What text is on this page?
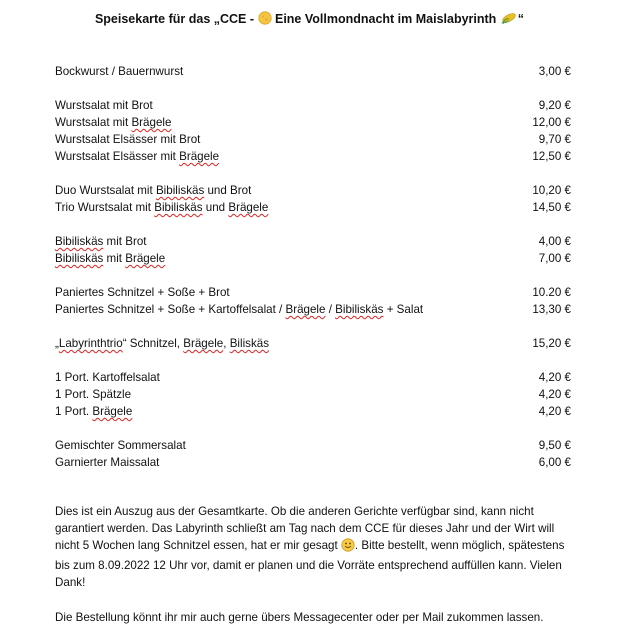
Speisekarte für das „CCE -  Eine Vollmondnacht im Maislabyrinth “
Bockwurst / Bauernwurst	3,00 €
Wurstsalat mit Brot	9,20 €
Wurstsalat mit Brägele	12,00 €
Wurstsalat Elsässer mit Brot	9,70 €
Wurstsalat Elsässer mit Brägele	12,50 €
Duo Wurstsalat mit Bibiliskäs und Brot	10,20 €
Trio Wurstsalat mit Bibiliskäs und Brägele	14,50 €
Bibiliskäs mit Brot	4,00 €
Bibiliskäs mit Brägele	7,00 €
Paniertes Schnitzel + Soße + Brot	10.20 €
Paniertes Schnitzel + Soße + Kartoffelsalat / Brägele / Bibiliskäs + Salat	13,30 €
„Labyrinthtrio“ Schnitzel, Brägele, Biliskäs	15,20 €
1 Port. Kartoffelsalat	4,20 €
1 Port. Spätzle	4,20 €
1 Port. Brägele	4,20 €
Gemischter Sommersalat	9,50 €
Garnierter Maissalat	6,00 €
Dies ist ein Auszug aus der Gesamtkarte. Ob die anderen Gerichte verfügbar sind, kann nicht garantiert werden. Das Labyrinth schließt am Tag nach dem CCE für dieses Jahr und der Wirt will nicht 5 Wochen lang Schnitzel essen, hat er mir gesagt . Bitte bestellt, wenn möglich, spätestens bis zum 8.09.2022 12 Uhr vor, damit er planen und die Vorräte entsprechend auffüllen kann. Vielen Dank!
Die Bestellung könnt ihr mir auch gerne übers Messagecenter oder per Mail zukommen lassen.
